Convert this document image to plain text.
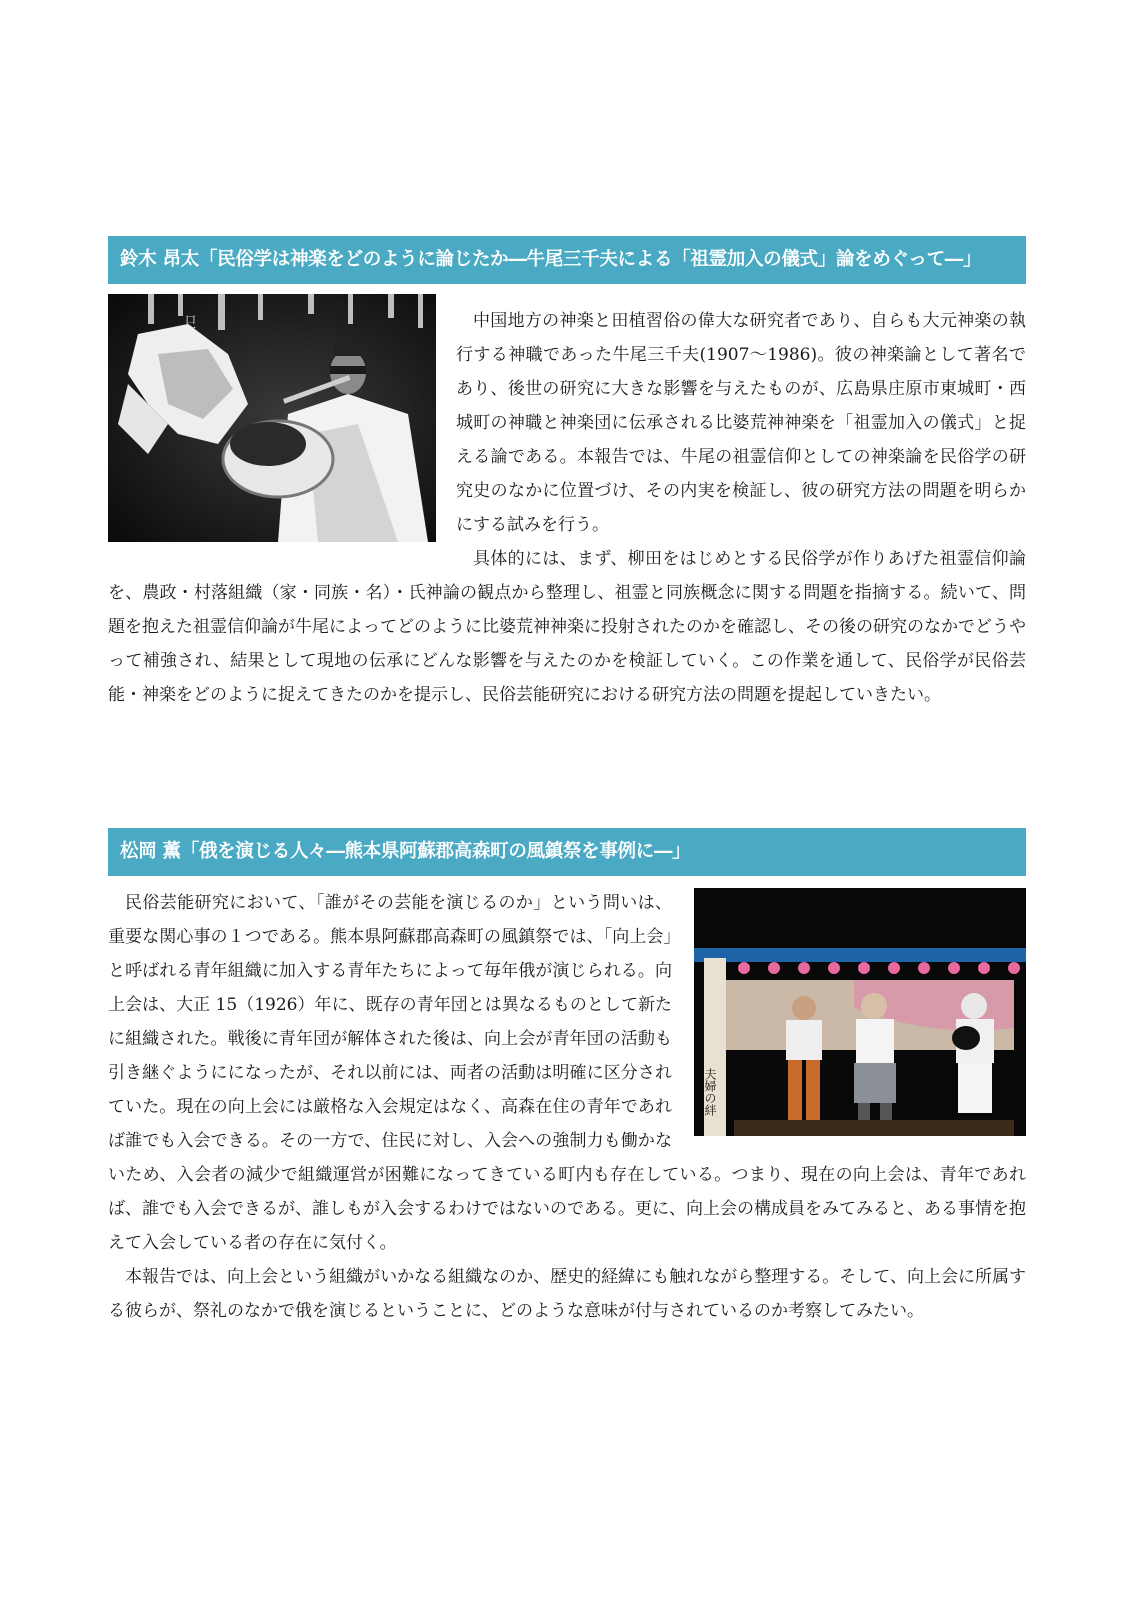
鈴木 昂太「民俗学は神楽をどのように論じたか―牛尾三千夫による「祖霊加入の儀式」論をめぐって―」
口定美	中国地方の神楽と田植習俗の偉大な研究者であり、自らも大元神楽の執行する神職であった牛尾三千夫(1907〜1986)。彼の神楽論として著名であり、後世の研究に大きな影響を与えたものが、広島県庄原市東城町・西城町の神職と神楽団に伝承される比婆荒神神楽を「祖霊加入の儀式」と捉える論である。本報告では、牛尾の祖霊信仰としての神楽論を民俗学の研究史のなかに位置づけ、その内実を検証し、彼の研究方法の問題を明らかにする試みを行う。

具体的には、まず、柳田をはじめとする民俗学が作りあげた祖霊信仰論を、農政・村落組織（家・同族・名）・氏神論の観点から整理し、祖霊と同族概念に関する問題を指摘する。続いて、問題を抱えた祖霊信仰論が牛尾によってどのように比婆荒神神楽に投射されたのかを確認し、その後の研究のなかでどうやって補強され、結果として現地の伝承にどんな影響を与えたのかを検証していく。この作業を通して、民俗学が民俗芸能・神楽をどのように捉えてきたのかを提示し、民俗芸能研究における研究方法の問題を提起していきたい。

松岡 薫「俄を演じる人々―熊本県阿蘇郡高森町の風鎮祭を事例に―」
夫婦の絆

民俗芸能研究において、「誰がその芸能を演じるのか」という問いは、重要な関心事の１つである。熊本県阿蘇郡高森町の風鎮祭では、「向上会」と呼ばれる青年組織に加入する青年たちによって毎年俄が演じられる。向上会は、大正 15（1926）年に、既存の青年団とは異なるものとして新たに組織された。戦後に青年団が解体された後は、向上会が青年団の活動も引き継ぐようにになったが、それ以前には、両者の活動は明確に区分されていた。現在の向上会には厳格な入会規定はなく、高森在住の青年であれば誰でも入会できる。その一方で、住民に対し、入会への強制力も働かないため、入会者の減少で組織運営が困難になってきている町内も存在している。つまり、現在の向上会は、青年であれば、誰でも入会できるが、誰しもが入会するわけではないのである。更に、向上会の構成員をみてみると、ある事情を抱えて入会している者の存在に気付く。

本報告では、向上会という組織がいかなる組織なのか、歴史的経緯にも触れながら整理する。そして、向上会に所属する彼らが、祭礼のなかで俄を演じるということに、どのような意味が付与されているのか考察してみたい。
